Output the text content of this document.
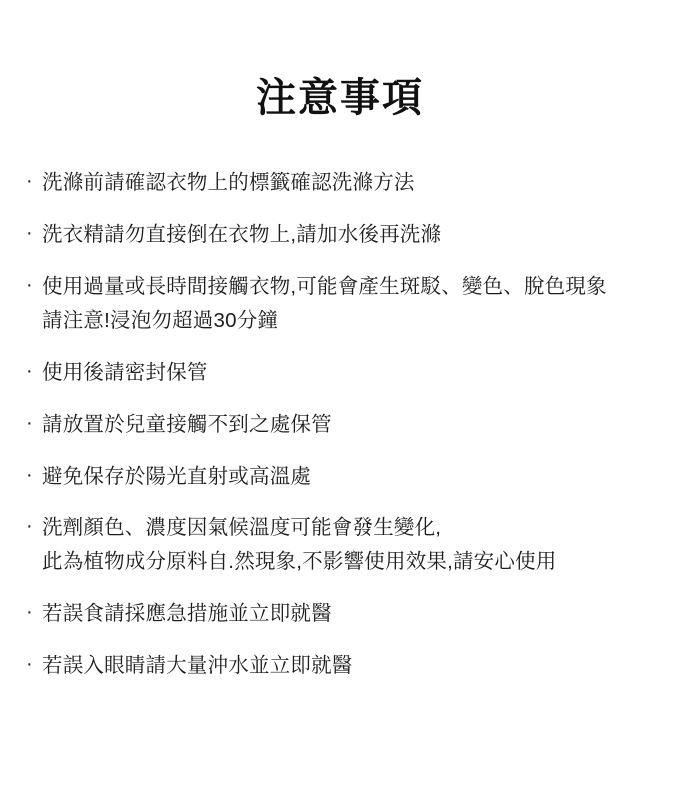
注意事項
· 洗滌前請確認衣物上的標籤確認洗滌方法
· 洗衣精請勿直接倒在衣物上,請加水後再洗滌
· 使用過量或長時間接觸衣物,可能會產生斑駁、變色、脫色現象
請注意!浸泡勿超過30分鐘
· 使用後請密封保管
· 請放置於兒童接觸不到之處保管
· 避免保存於陽光直射或高溫處
· 洗劑顏色、濃度因氣候溫度可能會發生變化,
此為植物成分原料自.然現象,不影響使用效果,請安心使用
· 若誤食請採應急措施並立即就醫
· 若誤入眼睛請大量沖水並立即就醫
